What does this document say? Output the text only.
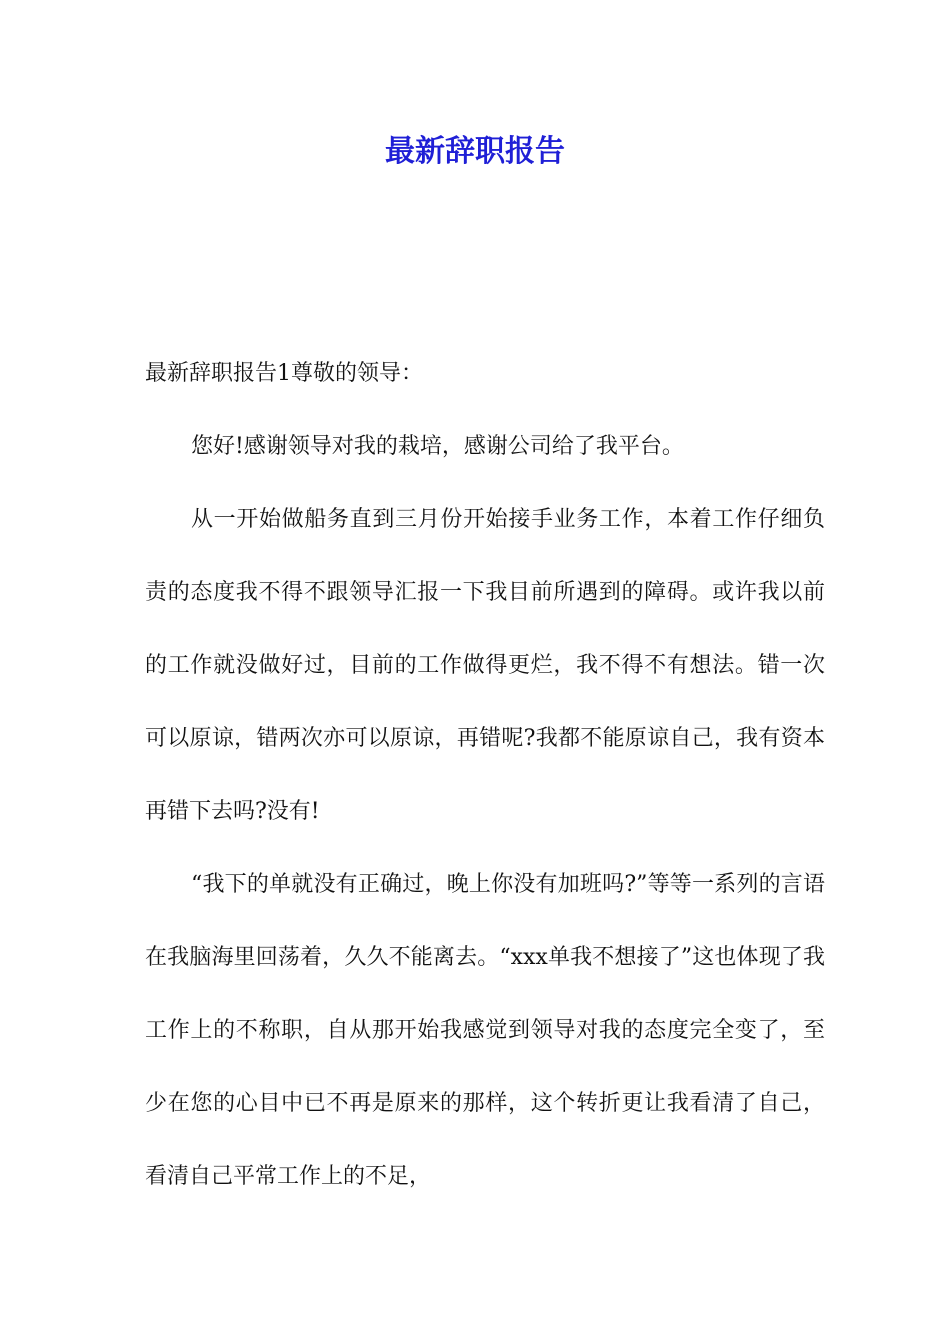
最新辞职报告

最新辞职报告1尊敬的领导：

您好!感谢领导对我的栽培，感谢公司给了我平台。

从一开始做船务直到三月份开始接手业务工作，本着工作仔细负责的态度我不得不跟领导汇报一下我目前所遇到的障碍。或许我以前的工作就没做好过，目前的工作做得更烂，我不得不有想法。错一次可以原谅，错两次亦可以原谅，再错呢?我都不能原谅自己，我有资本再错下去吗?没有!

“我下的单就没有正确过，晚上你没有加班吗?”等等一系列的言语在我脑海里回荡着，久久不能离去。“xxx单我不想接了”这也体现了我工作上的不称职，自从那开始我感觉到领导对我的态度完全变了，至少在您的心目中已不再是原来的那样，这个转折更让我看清了自己，看清自己平常工作上的不足，
